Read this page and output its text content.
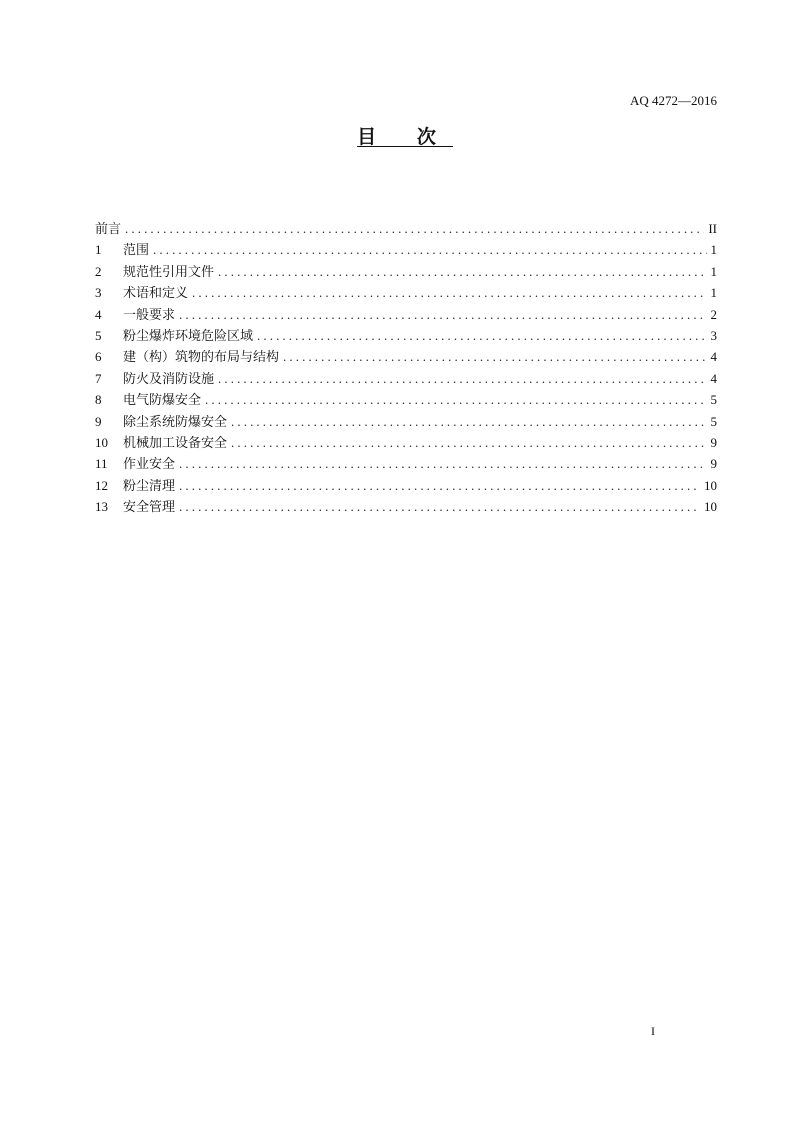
AQ 4272—2016
目 次
前言 .....	II
1	范围 .....	1
2	规范性引用文件 .....	1
3	术语和定义 .....	1
4	一般要求 .....	2
5	粉尘爆炸环境危险区域 .....	3
6	建（构）筑物的布局与结构 .....	4
7	防火及消防设施 .....	4
8	电气防爆安全 .....	5
9	除尘系统防爆安全 .....	5
10	机械加工设备安全 .....	9
11	作业安全 .....	9
12	粉尘清理 .....	10
13	安全管理 .....	10
I
